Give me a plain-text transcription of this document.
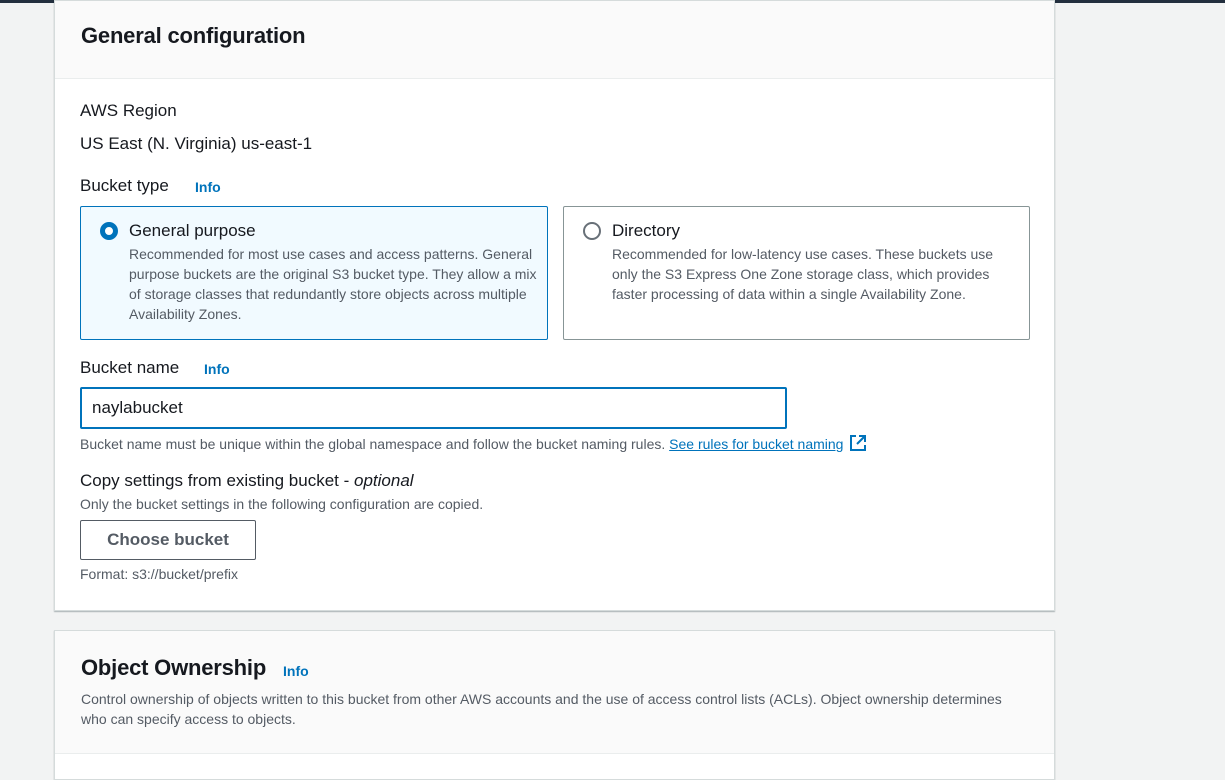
General configuration
AWS Region
US East (N. Virginia) us-east-1
Bucket type Info
General purpose
Recommended for most use cases and access patterns. General purpose buckets are the original S3 bucket type. They allow a mix of storage classes that redundantly store objects across multiple Availability Zones.
Directory
Recommended for low-latency use cases. These buckets use only the S3 Express One Zone storage class, which provides faster processing of data within a single Availability Zone.
Bucket name Info
naylabucket
Bucket name must be unique within the global namespace and follow the bucket naming rules. See rules for bucket naming
Copy settings from existing bucket - optional
Only the bucket settings in the following configuration are copied.
Choose bucket
Format: s3://bucket/prefix
Object Ownership Info
Control ownership of objects written to this bucket from other AWS accounts and the use of access control lists (ACLs). Object ownership determines who can specify access to objects.
